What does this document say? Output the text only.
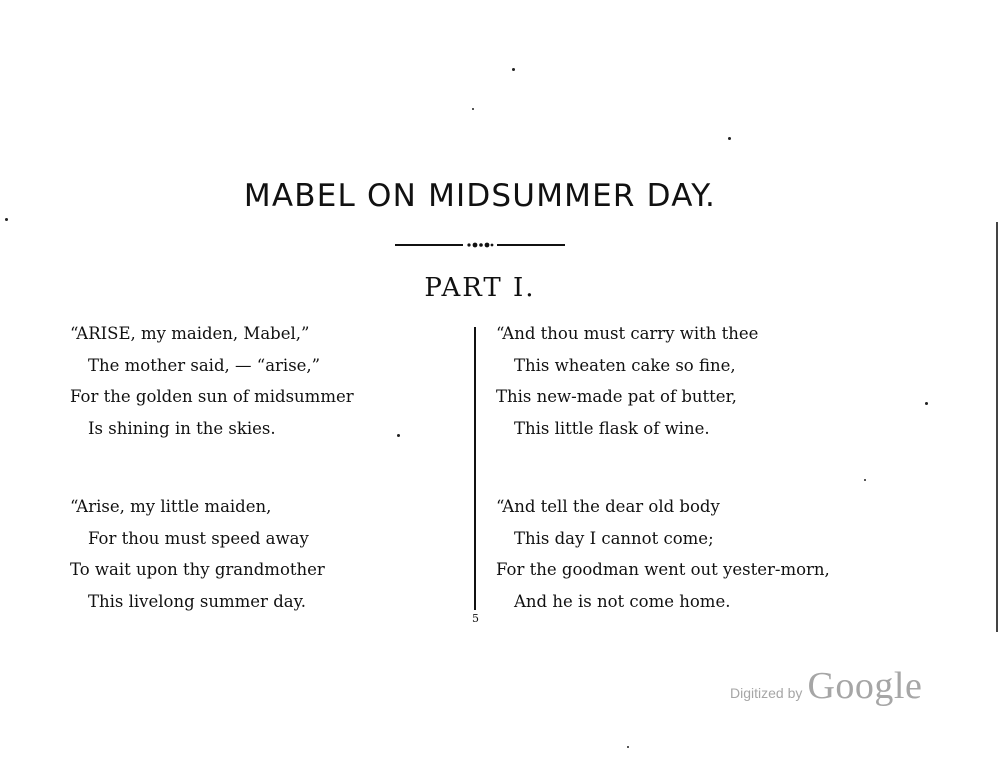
MABEL ON MIDSUMMER DAY.
PART I.
“ARISE, my maiden, Mabel,”
The mother said, — “arise,”
For the golden sun of midsummer
Is shining in the skies.
“Arise, my little maiden,
For thou must speed away
To wait upon thy grandmother
This livelong summer day.
“And thou must carry with thee
This wheaten cake so fine,
This new-made pat of butter,
This little flask of wine.
“And tell the dear old body
This day I cannot come;
For the goodman went out yester-morn,
And he is not come home.
5
Digitized by Google
